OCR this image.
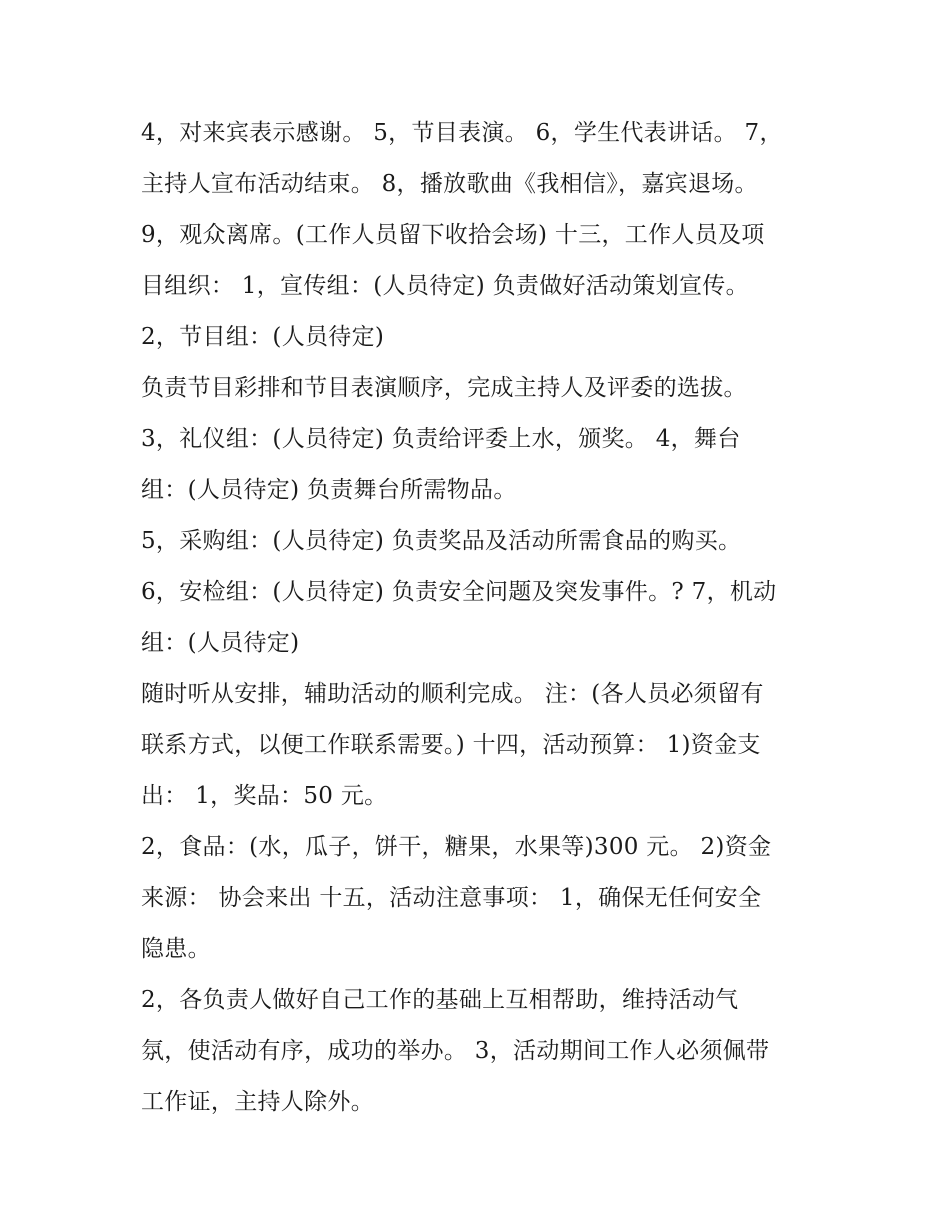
4，对来宾表示感谢。 5，节目表演。 6，学生代表讲话。 7，
主持人宣布活动结束。 8，播放歌曲《我相信》，嘉宾退场。
9，观众离席。(工作人员留下收拾会场) 十三，工作人员及项
目组织： 1，宣传组：(人员待定) 负责做好活动策划宣传。
2，节目组：(人员待定)
负责节目彩排和节目表演顺序，完成主持人及评委的选拔。
3，礼仪组：(人员待定) 负责给评委上水，颁奖。 4，舞台
组：(人员待定) 负责舞台所需物品。
5，采购组：(人员待定) 负责奖品及活动所需食品的购买。
6，安检组：(人员待定) 负责安全问题及突发事件。? 7，机动
组：(人员待定)
随时听从安排，辅助活动的顺利完成。 注：(各人员必须留有
联系方式，以便工作联系需要。) 十四，活动预算： 1)资金支
出： 1，奖品：50 元。
2，食品：(水，瓜子，饼干，糖果，水果等)300 元。 2)资金
来源： 协会来出 十五，活动注意事项： 1，确保无任何安全
隐患。
2，各负责人做好自己工作的基础上互相帮助，维持活动气
氛，使活动有序，成功的举办。 3，活动期间工作人必须佩带
工作证，主持人除外。
